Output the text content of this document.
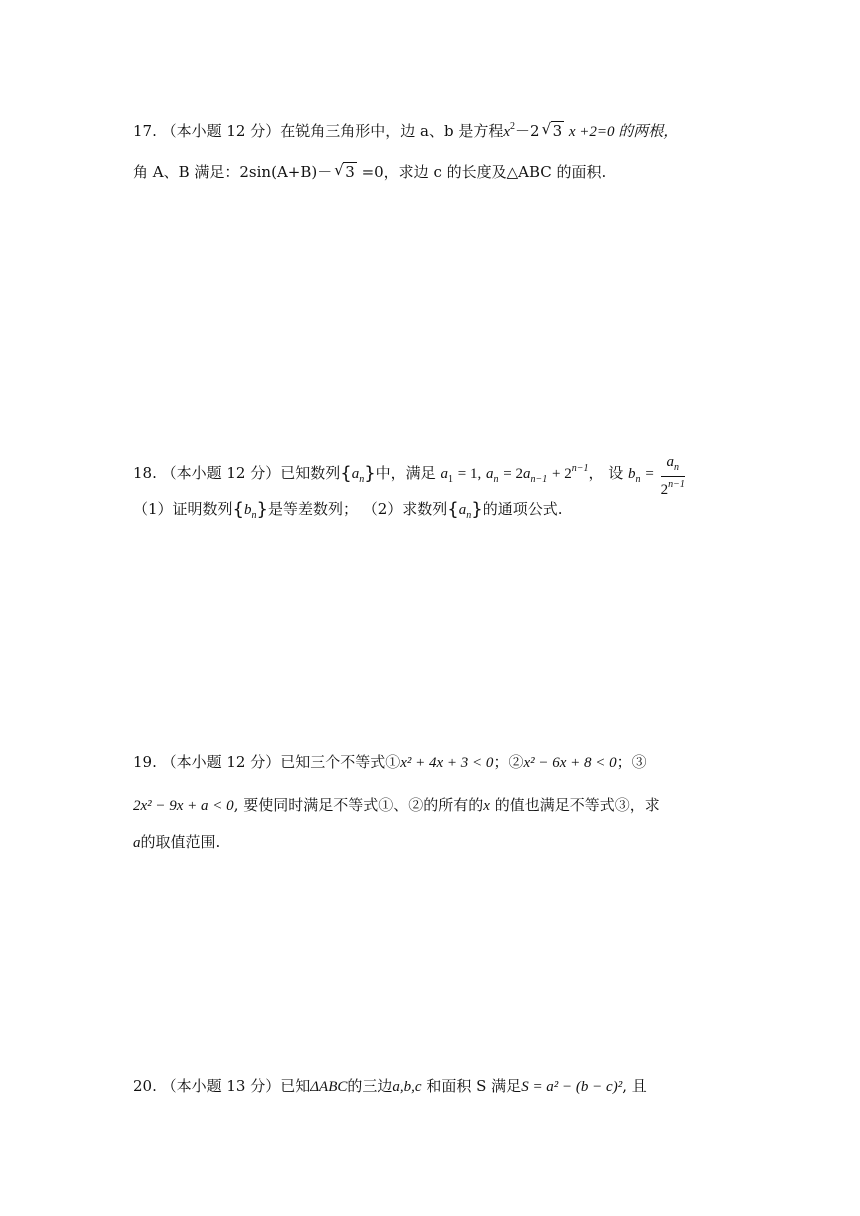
17. （本小题 12 分）在锐角三角形中，边 a、b 是方程$x^2-2√$ 3 x +2=0 的两根，
角 A、B 满足：2sin(A+B)－√ 3 =0，求边 c 的长度及△ABC 的面积.
18. （本小题 12 分）已知数列$\{a_n\}$中，满足 $a_1 = 1$, $a_n = 2a_{n-1} + 2^{n-1}$， 设 $b_n = \frac{a_n}{2^{n-1}}$
（1）证明数列$\{b_n\}$是等差数列； （2）求数列$\{a_n\}$的通项公式.
19. （本小题 12 分）已知三个不等式①x² + 4x + 3 < 0；②x² − 6x + 8 < 0；③
2x² − 9x + a < 0, 要使同时满足不等式①、②的所有的x 的值也满足不等式③，求
a的取值范围.
20. （本小题 13 分）已知ΔABC的三边a,b,c 和面积 S 满足S = a² − (b − c)², 且
